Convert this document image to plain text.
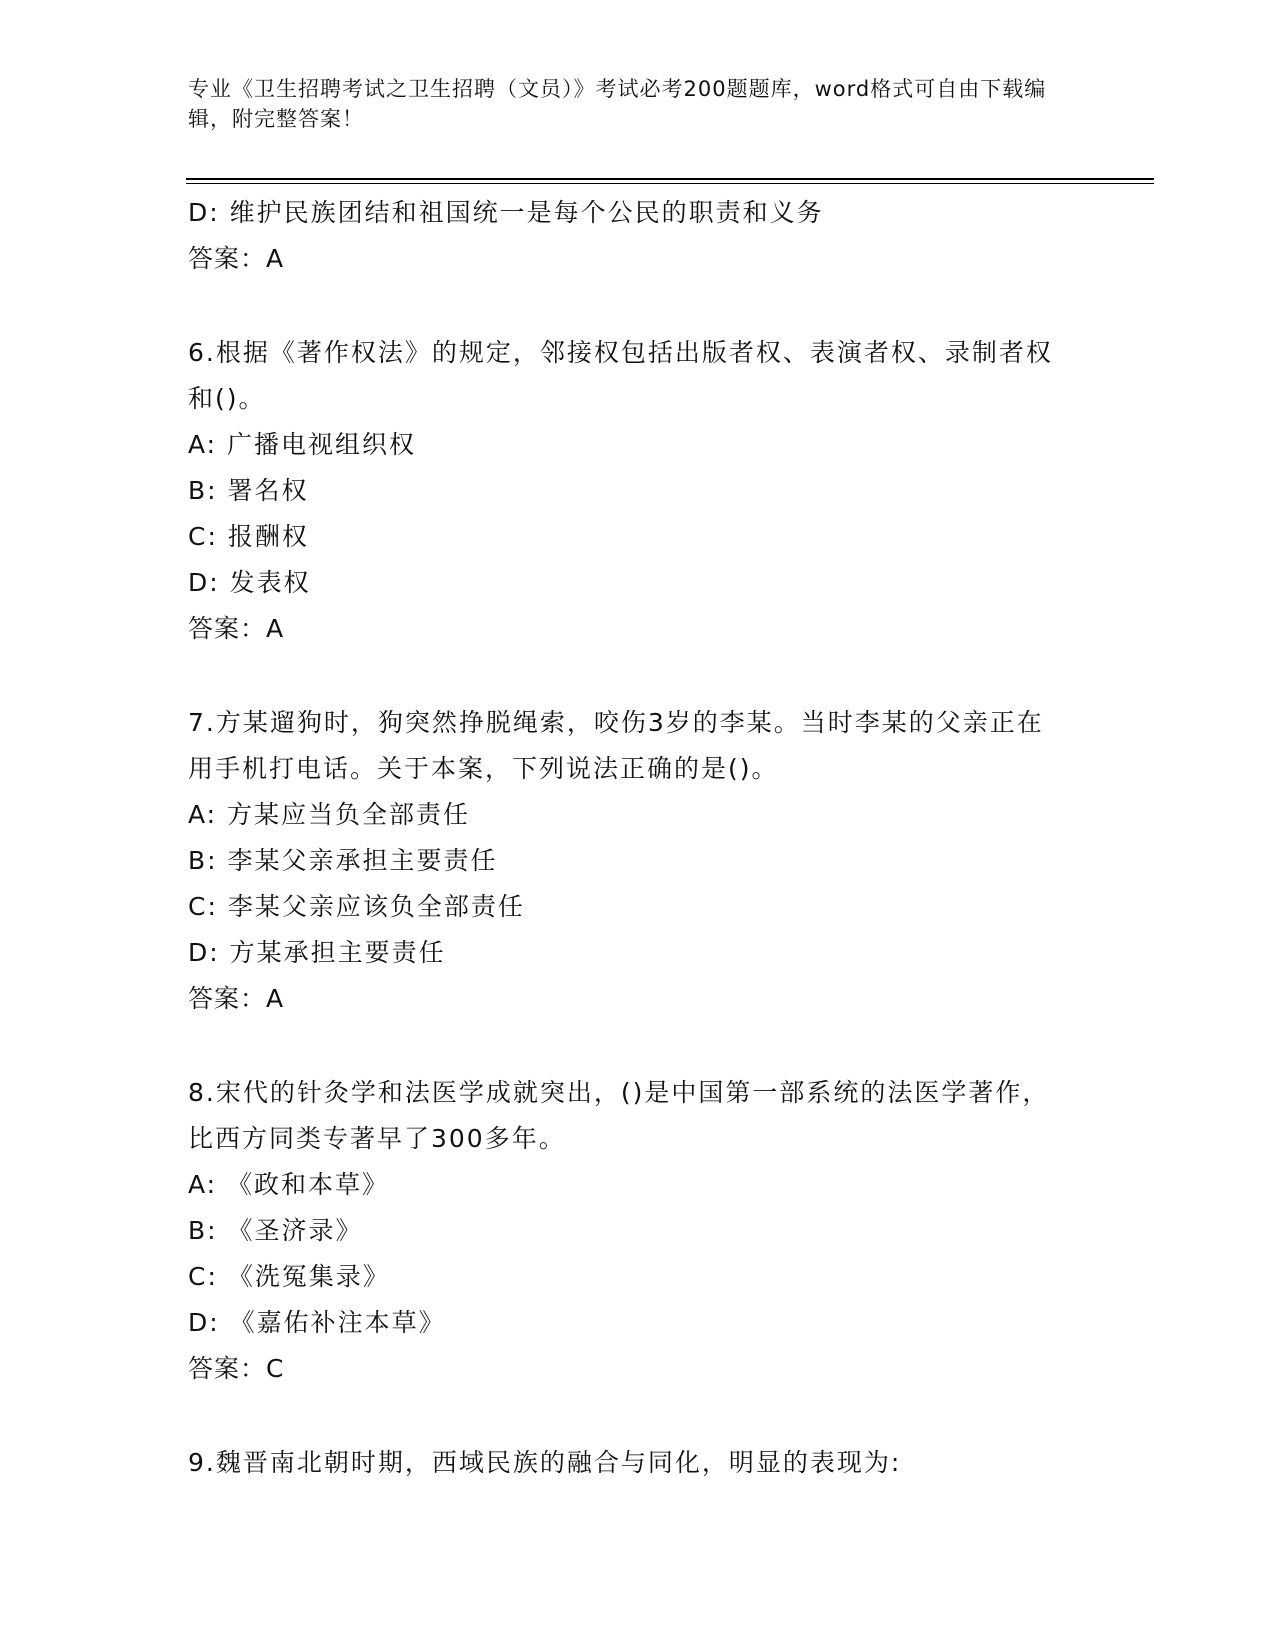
专业《卫生招聘考试之卫生招聘（文员）》考试必考200题题库，word格式可自由下载编辑，附完整答案！
D: 维护民族团结和祖国统一是每个公民的职责和义务
答案：A
6.根据《著作权法》的规定，邻接权包括出版者权、表演者权、录制者权和()。
A: 广播电视组织权
B: 署名权
C: 报酬权
D: 发表权
答案：A
7.方某遛狗时，狗突然挣脱绳索，咬伤3岁的李某。当时李某的父亲正在用手机打电话。关于本案，下列说法正确的是()。
A: 方某应当负全部责任
B: 李某父亲承担主要责任
C: 李某父亲应该负全部责任
D: 方某承担主要责任
答案：A
8.宋代的针灸学和法医学成就突出，()是中国第一部系统的法医学著作，比西方同类专著早了300多年。
A: 《政和本草》
B: 《圣济录》
C: 《洗冤集录》
D: 《嘉佑补注本草》
答案：C
9.魏晋南北朝时期，西域民族的融合与同化，明显的表现为:
